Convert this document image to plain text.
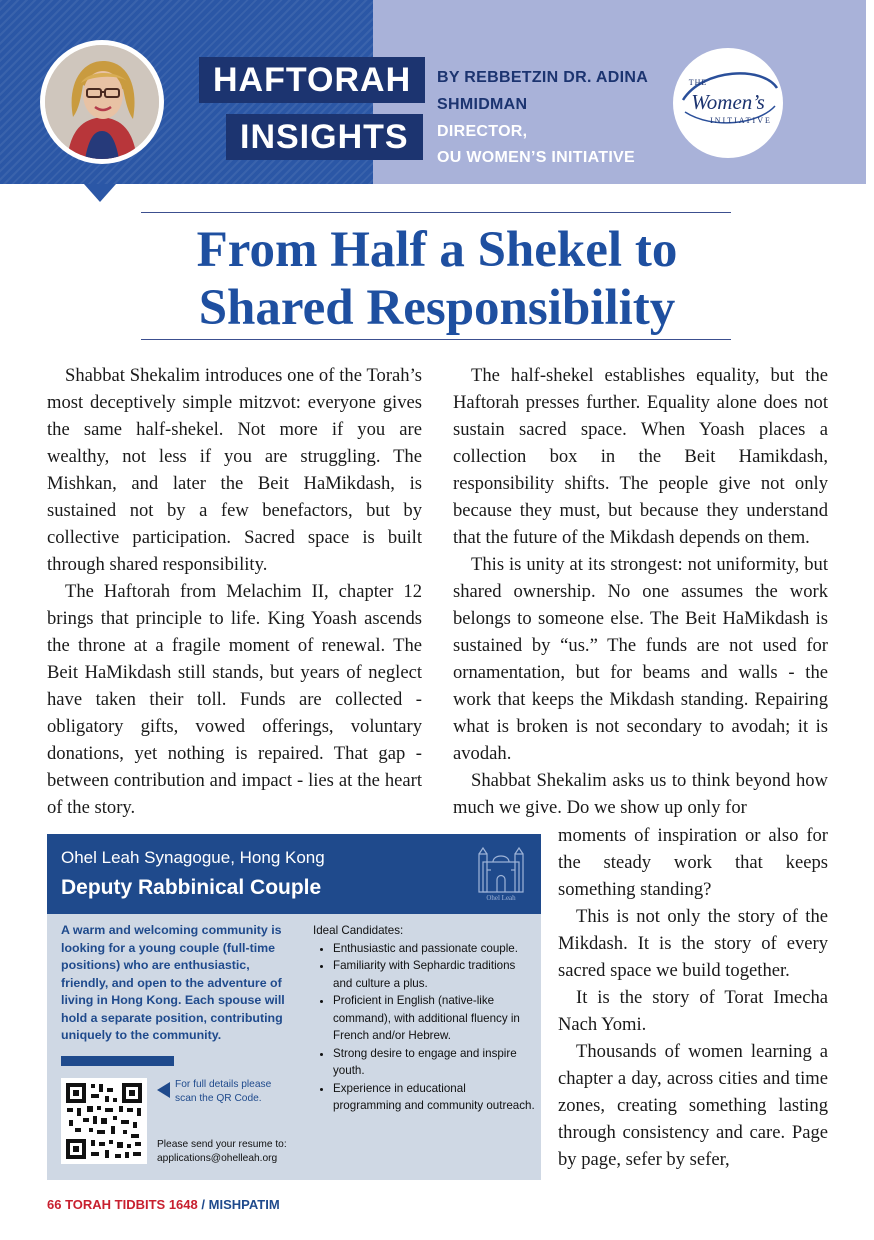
HAFTORAH
INSIGHTS
BY REBBETZIN DR. ADINA
SHMIDMAN
DIRECTOR,
OU WOMEN’S INITIATIVE
THE
Women’s
INITIATIVE
From Half a Shekel to
Shared Responsibility

Shabbat Shekalim introduces one of the Torah’s most deceptively simple mitzvot: everyone gives the same half-shekel. Not more if you are wealthy, not less if you are struggling. The Mishkan, and later the Beit HaMikdash, is sustained not by a few benefactors, but by collective participation. Sacred space is built through shared responsibility.

The Haftorah from Melachim II, chapter 12 brings that principle to life. King Yoash ascends the throne at a fragile moment of renewal. The Beit HaMikdash still stands, but years of neglect have taken their toll. Funds are collected - obligatory gifts, vowed offerings, voluntary donations, yet nothing is repaired. That gap - between contribution and impact - lies at the heart of the story.

The half-shekel establishes equality, but the Haftorah presses further. Equality alone does not sustain sacred space. When Yoash places a collection box in the Beit Hamikdash, responsibility shifts. The people give not only because they must, but because they understand that the future of the Mikdash depends on them.

This is unity at its strongest: not uniformity, but shared ownership. No one assumes the work belongs to someone else. The Beit HaMikdash is sustained by “us.” The funds are not used for ornamentation, but for beams and walls - the work that keeps the Mikdash standing. Repairing what is broken is not secondary to avodah; it is avodah.

Shabbat Shekalim asks us to think beyond how much we give. Do we show up only for

moments of inspiration or also for the steady work that keeps something standing?

This is not only the story of the Mikdash. It is the story of every sacred space we build together.

It is the story of Torat Imecha Nach Yomi.

Thousands of women learning a chapter a day, across cities and time zones, creating something lasting through consistency and care. Page by page, sefer by sefer,

Ohel Leah Synagogue, Hong Kong
Deputy Rabbinical Couple	Ohel Leah
A warm and welcoming community is looking for a young couple (full-time positions) who are enthusiastic, friendly, and open to the adventure of living in Hong Kong. Each spouse will hold a separate position, contributing uniquely to the community.
Ideal Candidates:
• Enthusiastic and passionate couple.
• Familiarity with Sephardic traditions and culture a plus.
• Proficient in English (native-like command), with additional fluency in French and/or Hebrew.
• Strong desire to engage and inspire youth.
• Experience in educational programming and community outreach.
For full details please scan the QR Code.
Please send your resume to:
applications@ohelleah.org
66 TORAH TIDBITS 1648 / MISHPATIM
